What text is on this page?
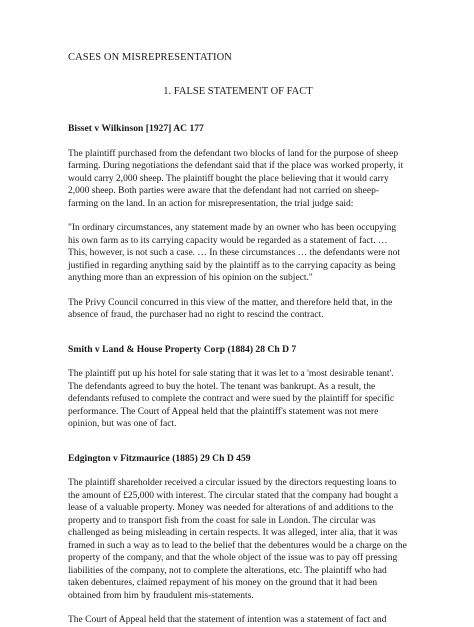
CASES ON MISREPRESENTATION
1. FALSE STATEMENT OF FACT
Bisset v Wilkinson [1927] AC 177

The plaintiff purchased from the defendant two blocks of land for the purpose of sheep farming. During negotiations the defendant said that if the place was worked properly, it would carry 2,000 sheep. The plaintiff bought the place believing that it would carry 2,000 sheep. Both parties were aware that the defendant had not carried on sheep-farming on the land. In an action for misrepresentation, the trial judge said:

"In ordinary circumstances, any statement made by an owner who has been occupying his own farm as to its carrying capacity would be regarded as a statement of fact. … This, however, is not such a case. … In these circumstances … the defendants were not justified in regarding anything said by the plaintiff as to the carrying capacity as being anything more than an expression of his opinion on the subject."

The Privy Council concurred in this view of the matter, and therefore held that, in the absence of fraud, the purchaser had no right to rescind the contract.

Smith v Land & House Property Corp (1884) 28 Ch D 7

The plaintiff put up his hotel for sale stating that it was let to a 'most desirable tenant'. The defendants agreed to buy the hotel. The tenant was bankrupt. As a result, the defendants refused to complete the contract and were sued by the plaintiff for specific performance. The Court of Appeal held that the plaintiff's statement was not mere opinion, but was one of fact.

Edgington v Fitzmaurice (1885) 29 Ch D 459

The plaintiff shareholder received a circular issued by the directors requesting loans to the amount of £25,000 with interest. The circular stated that the company had bought a lease of a valuable property. Money was needed for alterations of and additions to the property and to transport fish from the coast for sale in London. The circular was challenged as being misleading in certain respects. It was alleged, inter alia, that it was framed in such a way as to lead to the belief that the debentures would be a charge on the property of the company, and that the whole object of the issue was to pay off pressing liabilities of the company, not to complete the alterations, etc. The plaintiff who had taken debentures, claimed repayment of his money on the ground that it had been obtained from him by fraudulent mis-statements.

The Court of Appeal held that the statement of intention was a statement of fact and
